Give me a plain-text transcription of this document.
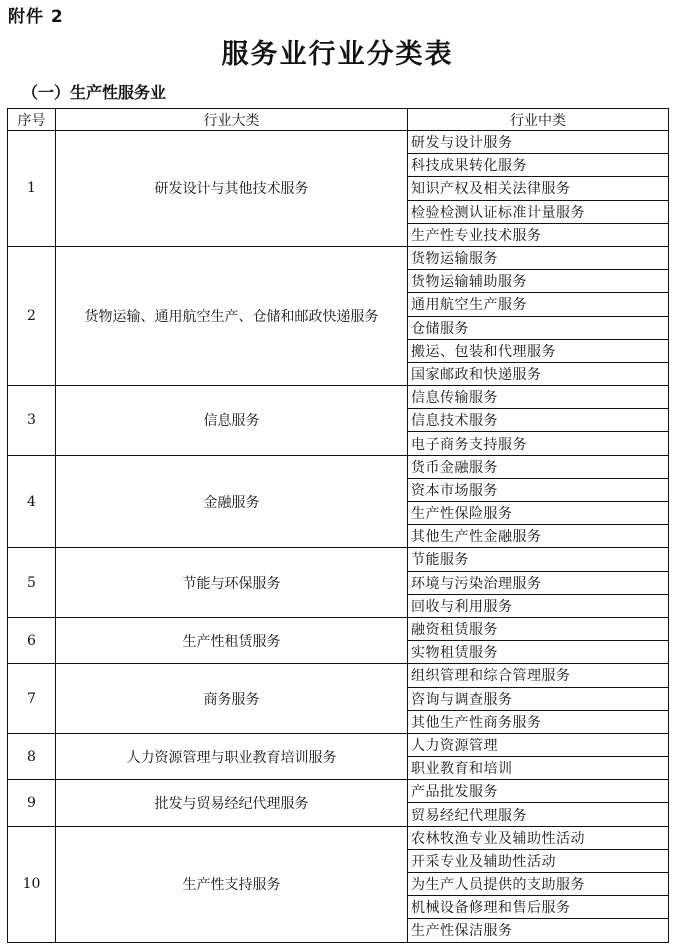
附件 2
服务业行业分类表
（一）生产性服务业
序号	行业大类	行业中类
1	研发设计与其他技术服务	研发与设计服务
		科技成果转化服务
		知识产权及相关法律服务
		检验检测认证标准计量服务
		生产性专业技术服务
2	货物运输、通用航空生产、仓储和邮政快递服务	货物运输服务
		货物运输辅助服务
		通用航空生产服务
		仓储服务
		搬运、包装和代理服务
		国家邮政和快递服务
3	信息服务	信息传输服务
		信息技术服务
		电子商务支持服务
4	金融服务	货币金融服务
		资本市场服务
		生产性保险服务
		其他生产性金融服务
5	节能与环保服务	节能服务
		环境与污染治理服务
		回收与利用服务
6	生产性租赁服务	融资租赁服务
		实物租赁服务
7	商务服务	组织管理和综合管理服务
		咨询与调查服务
		其他生产性商务服务
8	人力资源管理与职业教育培训服务	人力资源管理
		职业教育和培训
9	批发与贸易经纪代理服务	产品批发服务
		贸易经纪代理服务
10	生产性支持服务	农林牧渔专业及辅助性活动
		开采专业及辅助性活动
		为生产人员提供的支助服务
		机械设备修理和售后服务
		生产性保洁服务
